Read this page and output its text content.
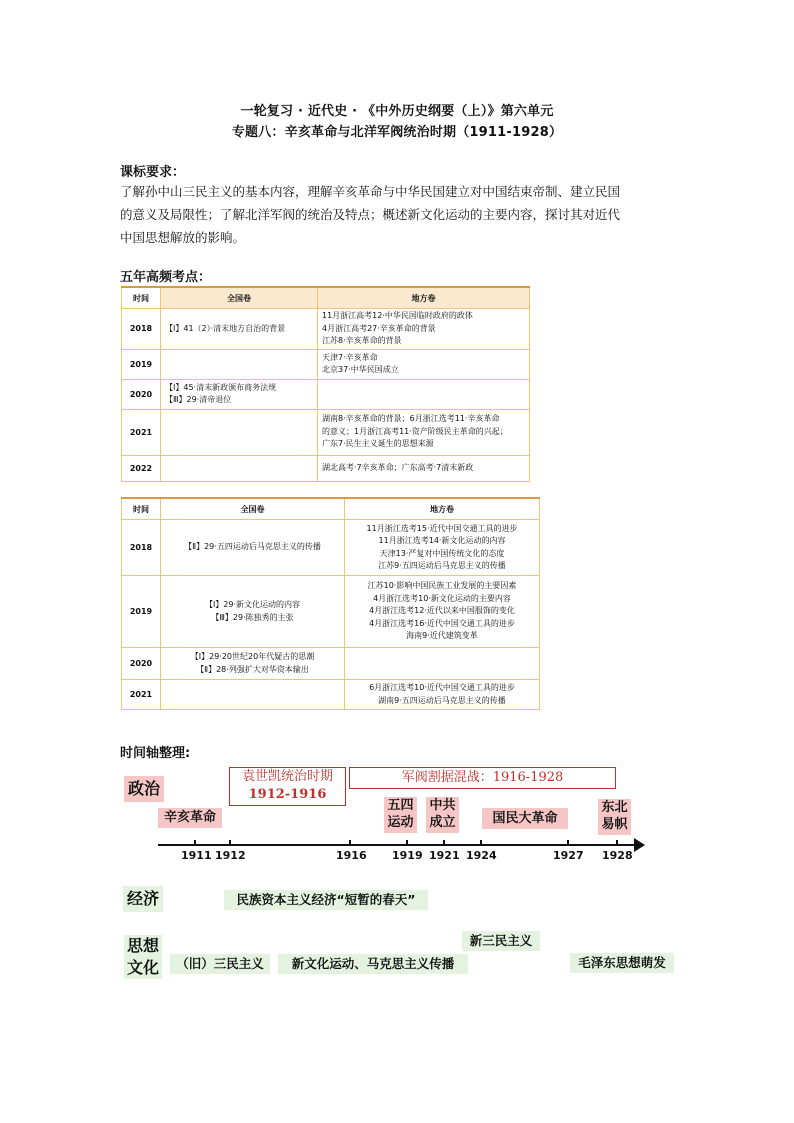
一轮复习 · 近代史 · 《中外历史纲要（上）》第六单元
专题八：辛亥革命与北洋军阀统治时期（1911-1928）
课标要求：
了解孙中山三民主义的基本内容，理解辛亥革命与中华民国建立对中国结束帝制、建立民国
的意义及局限性；了解北洋军阀的统治及特点；概述新文化运动的主要内容，探讨其对近代
中国思想解放的影响。
五年高频考点：
时间	全国卷	地方卷
2018	【Ⅰ】41（2）·清末地方自治的背景	11月浙江高考12·中华民国临时政府的政体
4月浙江高考27·辛亥革命的背景
江苏8·辛亥革命的背景

2019		天津7·辛亥革命
北京37·中华民国成立

2020	【Ⅰ】45·清末新政颁布商务法规
【Ⅲ】29·清帝退位	

2021		湖南8·辛亥革命的背景；6月浙江选考11·辛亥革命
的意义；1月浙江高考11·资产阶级民主革命的兴起；
广东7·民生主义诞生的思想来源

2022		湖北高考·7辛亥革命；广东高考·7清末新政
时间	全国卷	地方卷
2018	【Ⅱ】29·五四运动后马克思主义的传播	11月浙江选考15·近代中国交通工具的进步
11月浙江选考14·新文化运动的内容
天津13·严复对中国传统文化的态度
江苏9·五四运动后马克思主义的传播

2019	【Ⅰ】29·新文化运动的内容
【Ⅲ】29·陈独秀的主张	江苏10·影响中国民族工业发展的主要因素
4月浙江选考10·新文化运动的主要内容
4月浙江选考12·近代以来中国服饰的变化
4月浙江选考16·近代中国交通工具的进步
海南9·近代建筑变革

2020	【Ⅰ】29·20世纪20年代疑古的思潮
【Ⅱ】28·列强扩大对华资本输出	

2021		6月浙江选考10·近代中国交通工具的进步
湖南9·五四运动后马克思主义的传播
时间轴整理:
政治
袁世凯统治时期
1912-1916
军阀割据混战：1916-1928
辛亥革命
五四
运动
中共
成立	国民大革命
东北
易帜
1911 1912	1916 1919 1921 1924	1927 1928
经济	民族资本主义经济“短暂的春天”
思想
文化	（旧）三民主义	新文化运动、马克思主义传播
新三民主义
毛泽东思想萌发
